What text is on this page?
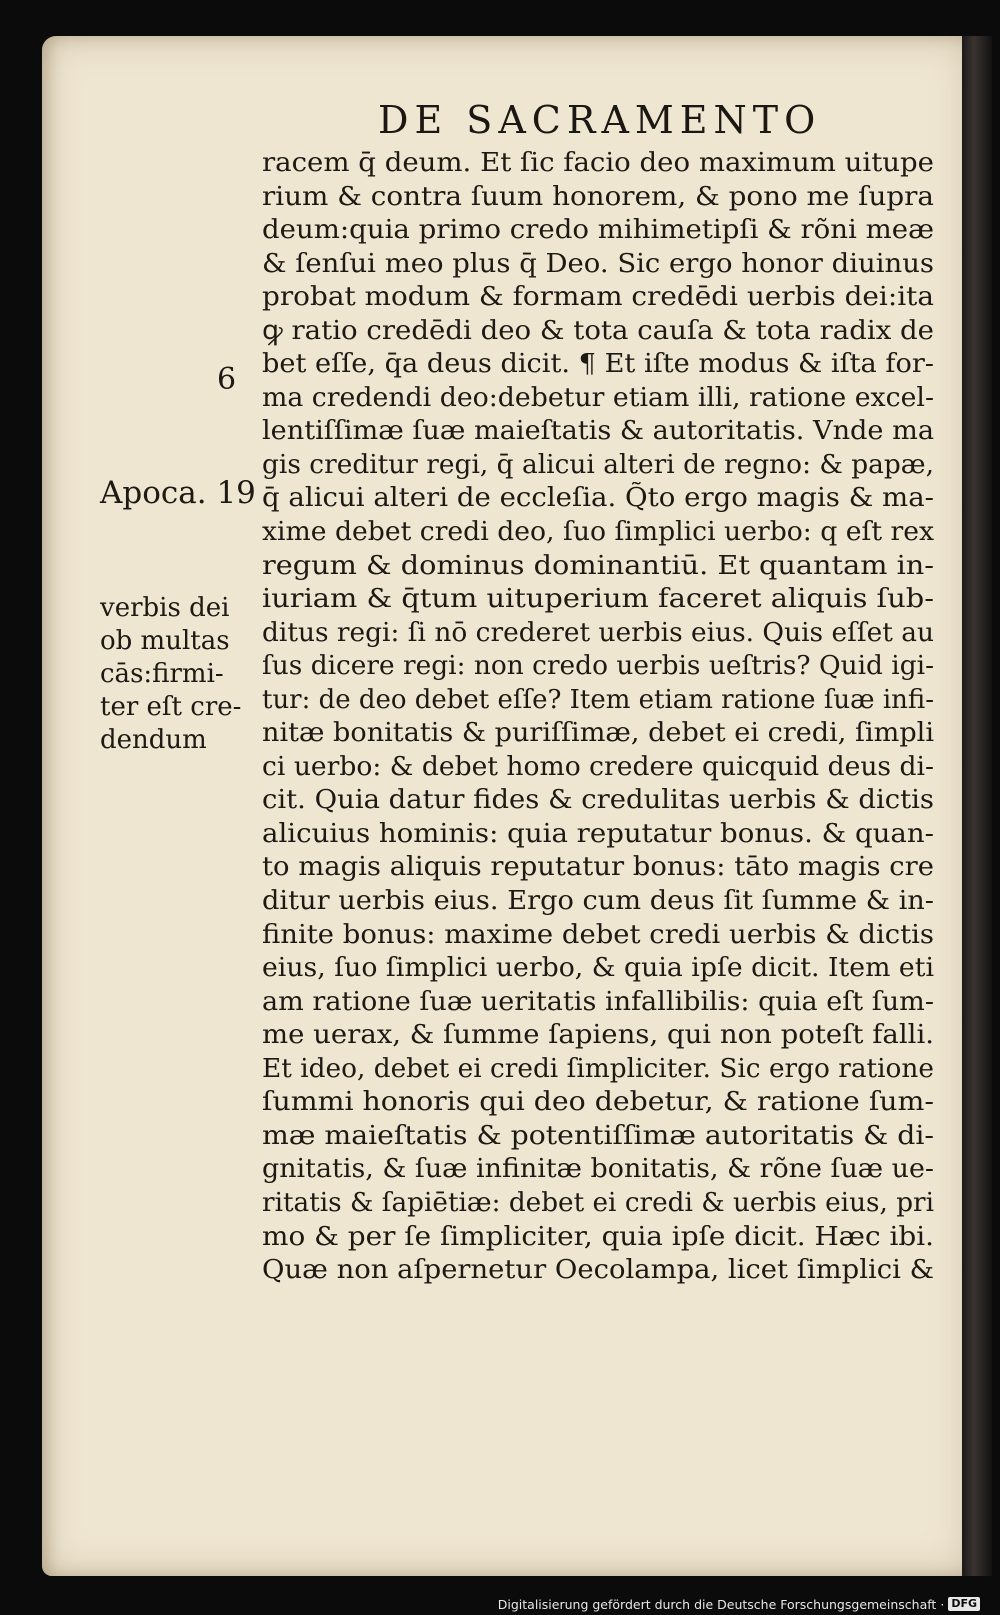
DE SACRAMENTO
racem q̄ deum. Et ſic facio deo maximum uitupe
rium & contra ſuum honorem, & pono me ſupra
deum:quia primo credo mihimetipſi & rõni meæ
& ſenſui meo plus q̄ Deo. Sic ergo honor diuinus
probat modum & formam credēdi uerbis dei:ita
ꝙ ratio credēdi deo & tota cauſa & tota radix de
bet eſſe, q̄a deus dicit. ¶ Et iſte modus & iſta for-
ma credendi deo:debetur etiam illi, ratione excel-
lentiſſimæ ſuæ maieſtatis & autoritatis. Vnde ma
gis creditur regi, q̄ alicui alteri de regno: & papæ,
q̄ alicui alteri de eccleſia. Q̃to ergo magis & ma-
xime debet credi deo, ſuo ſimplici uerbo: q eſt rex
regum & dominus dominantiū. Et quantam in-
iuriam & q̄tum uituperium faceret aliquis ſub-
ditus regi: ſi nō crederet uerbis eius. Quis eſſet au
ſus dicere regi: non credo uerbis ueſtris? Quid igi-
tur: de deo debet eſſe? Item etiam ratione ſuæ infi-
nitæ bonitatis & puriſſimæ, debet ei credi, ſimpli
ci uerbo: & debet homo credere quicquid deus di-
cit. Quia datur fides & credulitas uerbis & dictis
alicuius hominis: quia reputatur bonus. & quan-
to magis aliquis reputatur bonus: tāto magis cre
ditur uerbis eius. Ergo cum deus ſit ſumme & in-
finite bonus: maxime debet credi uerbis & dictis
eius, ſuo ſimplici uerbo, & quia ipſe dicit. Item eti
am ratione ſuæ ueritatis infallibilis: quia eſt ſum-
me uerax, & ſumme ſapiens, qui non poteſt falli.
Et ideo, debet ei credi ſimpliciter. Sic ergo ratione
ſummi honoris qui deo debetur, & ratione ſum-
mæ maieſtatis & potentiſſimæ autoritatis & di-
gnitatis, & ſuæ infinitæ bonitatis, & rõne ſuæ ue-
ritatis & ſapiētiæ: debet ei credi & uerbis eius, pri
mo & per ſe ſimpliciter, quia ipſe dicit. Hæc ibi.
Quæ non aſpernetur Oecolampa, licet ſimplici &
6
Apoca. 19
verbis dei
ob multas
cās:firmi-
ter eſt cre-
dendum
Digitalisierung gefördert durch die Deutsche Forschungsgemeinschaft · DFG
